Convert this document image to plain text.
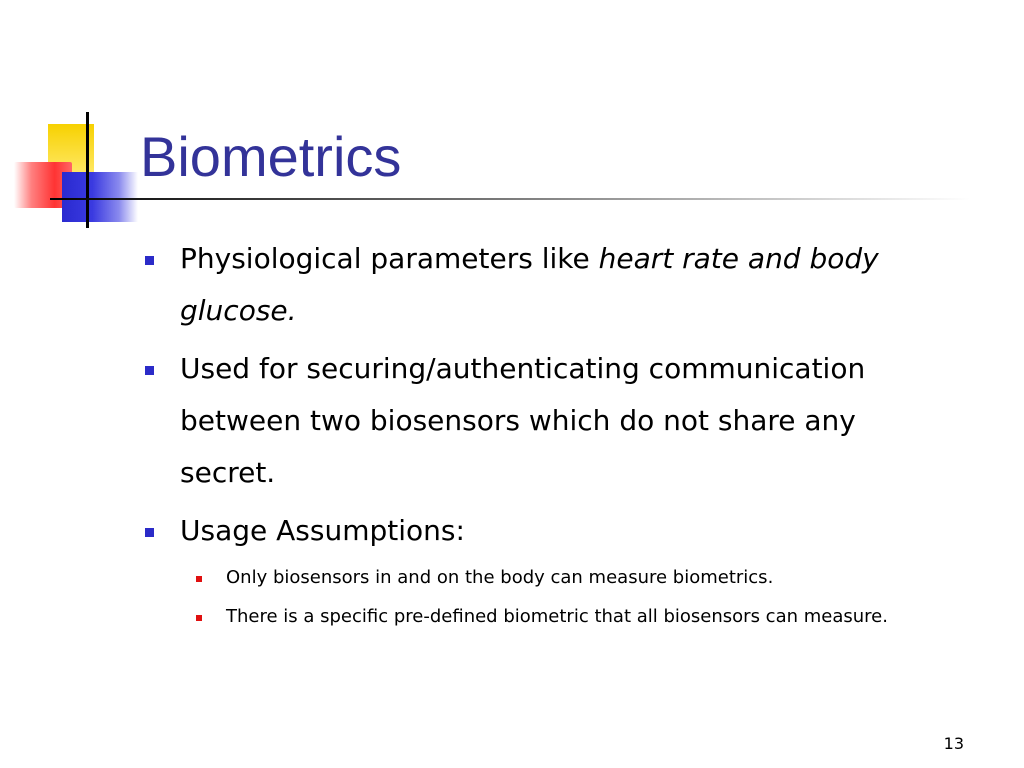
Biometrics

Physiological parameters like heart rate and body glucose.

Used for securing/authenticating communication between two biosensors which do not share any secret.

Usage Assumptions:

Only biosensors in and on the body can measure biometrics.

There is a specific pre-defined biometric that all biosensors can measure.

13
